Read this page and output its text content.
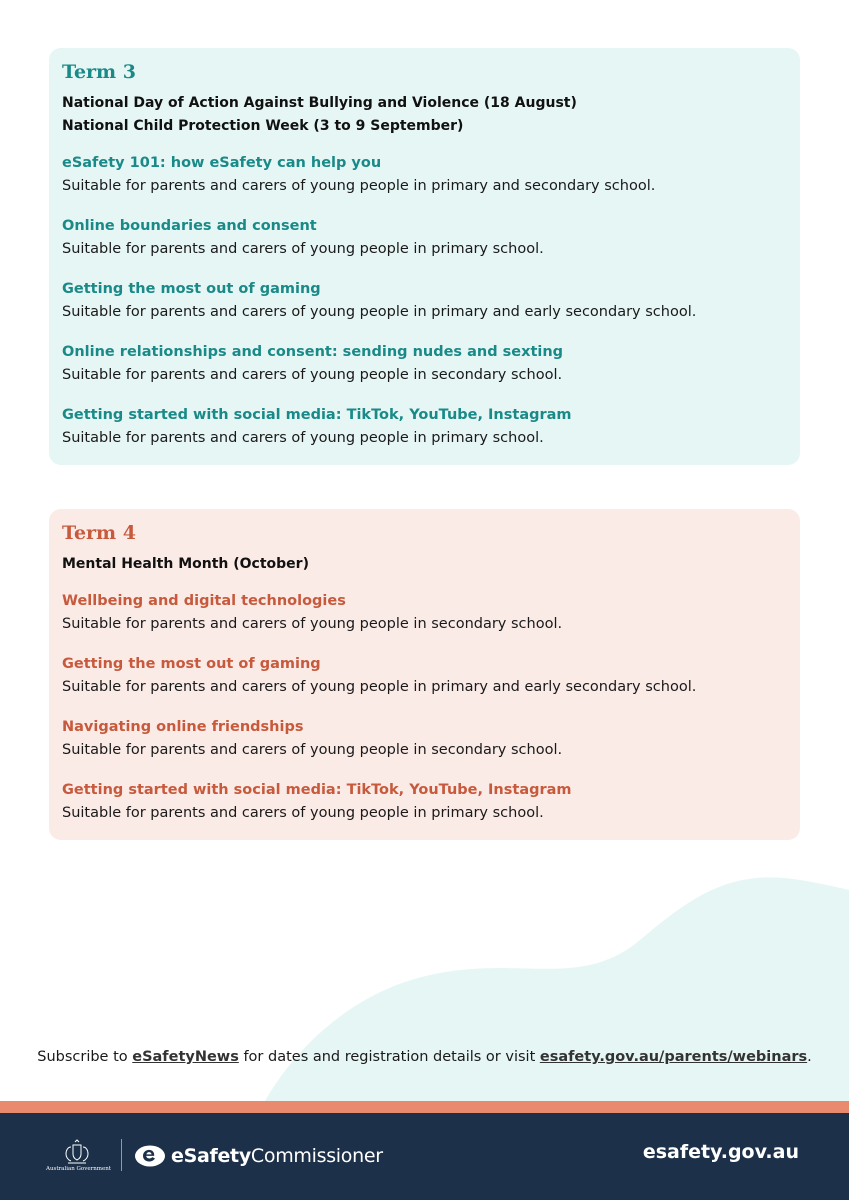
Term 3
National Day of Action Against Bullying and Violence (18 August)
National Child Protection Week (3 to 9 September)
eSafety 101: how eSafety can help you
Suitable for parents and carers of young people in primary and secondary school.
Online boundaries and consent
Suitable for parents and carers of young people in primary school.
Getting the most out of gaming
Suitable for parents and carers of young people in primary and early secondary school.
Online relationships and consent: sending nudes and sexting
Suitable for parents and carers of young people in secondary school.
Getting started with social media: TikTok, YouTube, Instagram
Suitable for parents and carers of young people in primary school.
Term 4
Mental Health Month (October)
Wellbeing and digital technologies
Suitable for parents and carers of young people in secondary school.
Getting the most out of gaming
Suitable for parents and carers of young people in primary and early secondary school.
Navigating online friendships
Suitable for parents and carers of young people in secondary school.
Getting started with social media: TikTok, YouTube, Instagram
Suitable for parents and carers of young people in primary school.

Subscribe to eSafetyNews for dates and registration details or visit esafety.gov.au/parents/webinars.

Australian Government
eSafetyCommissioner	esafety.gov.au
